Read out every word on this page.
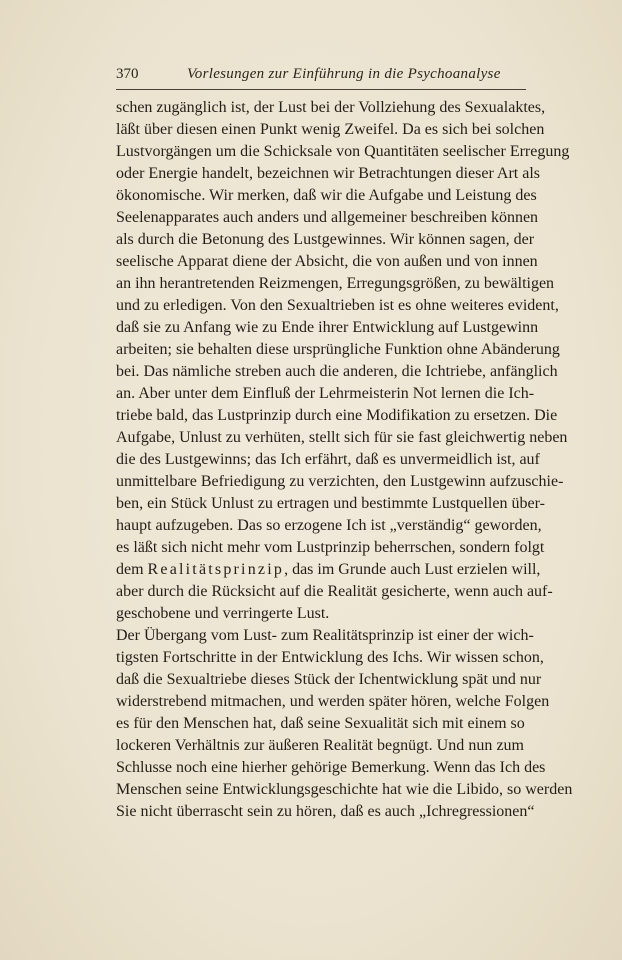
370	Vorlesungen zur Einführung in die Psychoanalyse
schen zugänglich ist, der Lust bei der Vollziehung des Sexualaktes,
läßt über diesen einen Punkt wenig Zweifel. Da es sich bei solchen
Lustvorgängen um die Schicksale von Quantitäten seelischer Erregung
oder Energie handelt, bezeichnen wir Betrachtungen dieser Art als
ökonomische. Wir merken, daß wir die Aufgabe und Leistung des
Seelenapparates auch anders und allgemeiner beschreiben können
als durch die Betonung des Lustgewinnes. Wir können sagen, der
seelische Apparat diene der Absicht, die von außen und von innen
an ihn herantretenden Reizmengen, Erregungsgrößen, zu bewältigen
und zu erledigen. Von den Sexualtrieben ist es ohne weiteres evident,
daß sie zu Anfang wie zu Ende ihrer Entwicklung auf Lustgewinn
arbeiten; sie behalten diese ursprüngliche Funktion ohne Abänderung
bei. Das nämliche streben auch die anderen, die Ichtriebe, anfänglich
an. Aber unter dem Einfluß der Lehrmeisterin Not lernen die Ich-
triebe bald, das Lustprinzip durch eine Modifikation zu ersetzen. Die
Aufgabe, Unlust zu verhüten, stellt sich für sie fast gleichwertig neben
die des Lustgewinns; das Ich erfährt, daß es unvermeidlich ist, auf
unmittelbare Befriedigung zu verzichten, den Lustgewinn aufzuschie-
ben, ein Stück Unlust zu ertragen und bestimmte Lustquellen über-
haupt aufzugeben. Das so erzogene Ich ist „verständig“ geworden,
es läßt sich nicht mehr vom Lustprinzip beherrschen, sondern folgt
dem Realitätsprinzip, das im Grunde auch Lust erzielen will,
aber durch die Rücksicht auf die Realität gesicherte, wenn auch auf-
geschobene und verringerte Lust.
Der Übergang vom Lust- zum Realitätsprinzip ist einer der wich-
tigsten Fortschritte in der Entwicklung des Ichs. Wir wissen schon,
daß die Sexualtriebe dieses Stück der Ichentwicklung spät und nur
widerstrebend mitmachen, und werden später hören, welche Folgen
es für den Menschen hat, daß seine Sexualität sich mit einem so
lockeren Verhältnis zur äußeren Realität begnügt. Und nun zum
Schlusse noch eine hierher gehörige Bemerkung. Wenn das Ich des
Menschen seine Entwicklungsgeschichte hat wie die Libido, so werden
Sie nicht überrascht sein zu hören, daß es auch „Ichregressionen“
